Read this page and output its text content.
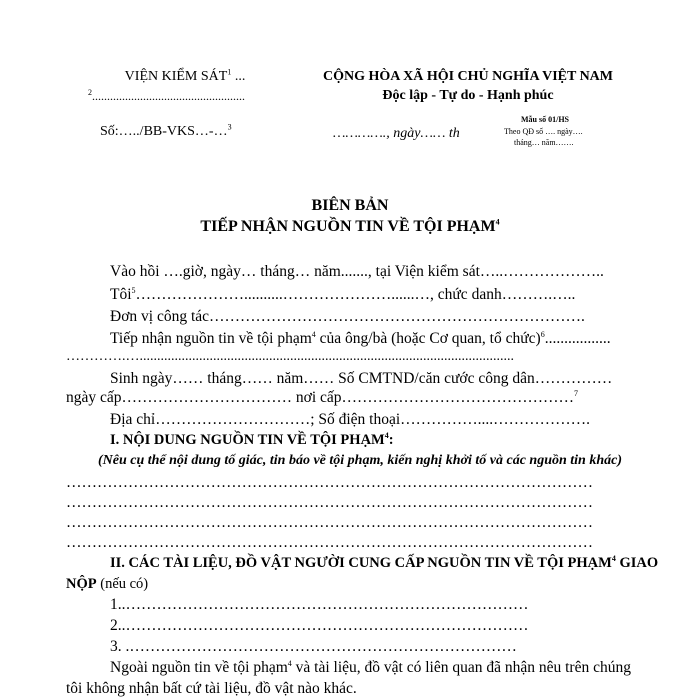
VIỆN KIỂM SÁT$^1$ ...
$^2$...................................................
Số:…../BB-VKS…-…$^3$
CỘNG HÒA XÃ HỘI CHỦ NGHĨA VIỆT NAM
Độc lập - Tự do - Hạnh phúc
…………., ngày…… th
Mẫu số 01/HS
Theo QĐ số …. ngày….
tháng… năm…….
BIÊN BẢN
TIẾP NHẬN NGUỒN TIN VỀ TỘI PHẠM$^4$
Vào hồi ….giờ, ngày… tháng… năm......., tại Viện kiểm sát…..………………..
Tôi$^5$…………………..........…………………......…, chức danh……….…..
Đơn vị công tác……………………………………………………………….
Tiếp nhận nguồn tin về tội phạm$^4$ của ông/bà (hoặc Cơ quan, tổ chức)$^6$.................
………….…...........................................................................................................
Sinh ngày…… tháng…… năm…… Số CMTND/căn cước công dân……………
ngày cấp…………………………… nơi cấp………………………………………$^7$
Địa chỉ…………………………; Số điện thoại……………....……………….
I. NỘI DUNG NGUỒN TIN VỀ TỘI PHẠM$^4$:
(Nêu cụ thể nội dung tố giác, tin báo về tội phạm, kiến nghị khởi tố và các nguồn tin khác)
…………………………………………………………………………………………
…………………………………………………………………………………………
…………………………………………………………………………………………
…………………………………………………………………………………………
II. CÁC TÀI LIỆU, ĐỒ VẬT NGƯỜI CUNG CẤP NGUỒN TIN VỀ TỘI PHẠM$^4$ GIAO
NỘP (nếu có)
1..……………………………………………………………………
2..……………………………………………………………………
3. .…………………………………………………………………
Ngoài nguồn tin về tội phạm$^4$ và tài liệu, đồ vật có liên quan đã nhận nêu trên chúng
tôi không nhận bất cứ tài liệu, đồ vật nào khác.
